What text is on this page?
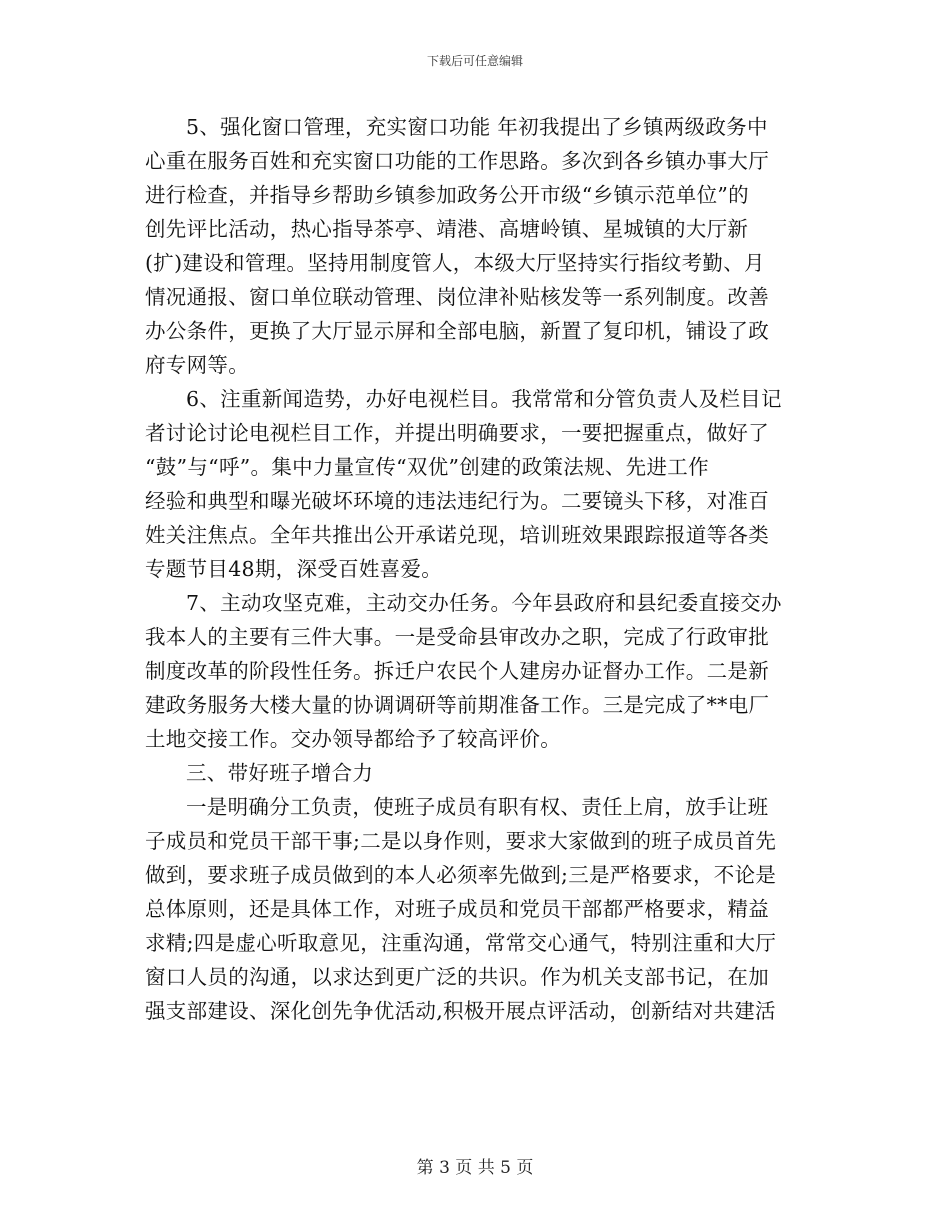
下载后可任意编辑
5、强化窗口管理，充实窗口功能 年初我提出了乡镇两级政务中
心重在服务百姓和充实窗口功能的工作思路。多次到各乡镇办事大厅
进行检查，并指导乡帮助乡镇参加政务公开市级“乡镇示范单位”的
创先评比活动，热心指导茶亭、靖港、高塘岭镇、星城镇的大厅新
(扩)建设和管理。坚持用制度管人，本级大厅坚持实行指纹考勤、月
情况通报、窗口单位联动管理、岗位津补贴核发等一系列制度。改善
办公条件，更换了大厅显示屏和全部电脑，新置了复印机，铺设了政
府专网等。
6、注重新闻造势，办好电视栏目。我常常和分管负责人及栏目记
者讨论讨论电视栏目工作，并提出明确要求，一要把握重点，做好了
“鼓”与“呼”。集中力量宣传“双优”创建的政策法规、先进工作
经验和典型和曝光破坏环境的违法违纪行为。二要镜头下移，对准百
姓关注焦点。全年共推出公开承诺兑现，培训班效果跟踪报道等各类
专题节目48期，深受百姓喜爱。
7、主动攻坚克难，主动交办任务。今年县政府和县纪委直接交办
我本人的主要有三件大事。一是受命县审改办之职，完成了行政审批
制度改革的阶段性任务。拆迁户农民个人建房办证督办工作。二是新
建政务服务大楼大量的协调调研等前期准备工作。三是完成了**电厂
土地交接工作。交办领导都给予了较高评价。
三、带好班子增合力
一是明确分工负责，使班子成员有职有权、责任上肩，放手让班
子成员和党员干部干事;二是以身作则，要求大家做到的班子成员首先
做到，要求班子成员做到的本人必须率先做到;三是严格要求，不论是
总体原则，还是具体工作，对班子成员和党员干部都严格要求，精益
求精;四是虚心听取意见，注重沟通，常常交心通气，特别注重和大厅
窗口人员的沟通，以求达到更广泛的共识。作为机关支部书记，在加
强支部建设、深化创先争优活动,积极开展点评活动，创新结对共建活
第 3 页 共 5 页
